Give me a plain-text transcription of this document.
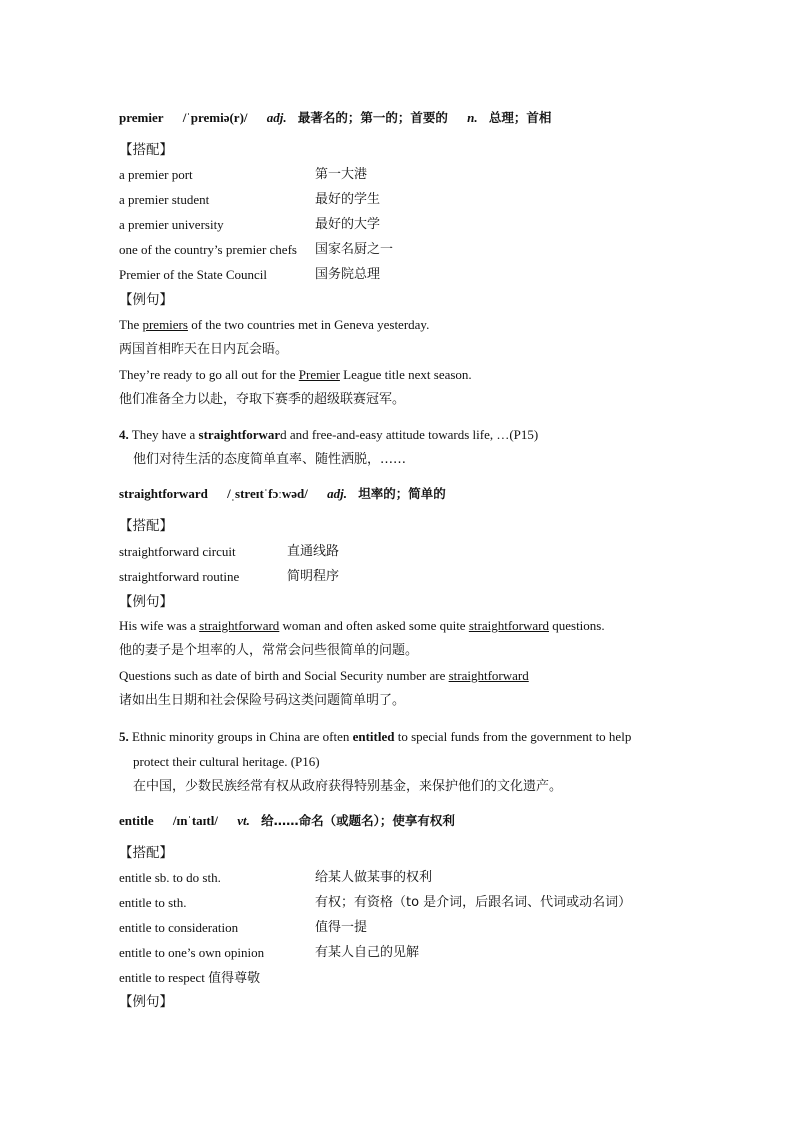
premier /ˈpremiə(r)/ adj. 最著名的；第一的；首要的 n. 总理；首相
【搭配】
a premier port	第一大港
a premier student	最好的学生
a premier university	最好的大学
one of the country’s premier chefs 国家名厨之一
Premier of the State Council	国务院总理
【例句】
The premiers of the two countries met in Geneva yesterday.
两国首相昨天在日内瓦会晤。
They’re ready to go all out for the Premier League title next season.
他们准备全力以赴，夺取下赛季的超级联赛冠军。
4. They have a straightforward and free-and-easy attitude towards life, …(P15)
他们对待生活的态度简单直率、随性洒脱，……
straightforward /ˌstreɪtˈfɔːwəd/ adj. 坦率的；简单的
【搭配】
straightforward circuit	直通线路
straightforward routine	简明程序
【例句】
His wife was a straightforward woman and often asked some quite straightforward questions.
他的妻子是个坦率的人，常常会问些很简单的问题。
Questions such as date of birth and Social Security number are straightforward
诸如出生日期和社会保险号码这类问题简单明了。
5. Ethnic minority groups in China are often entitled to special funds from the government to help
protect their cultural heritage. (P16)
在中国，少数民族经常有权从政府获得特别基金，来保护他们的文化遗产。
entitle /ɪnˈtaɪtl/ vt. 给……命名（或题名）；使享有权利
【搭配】
entitle sb. to do sth.	给某人做某事的权利
entitle to sth.	有权；有资格（to 是介词，后跟名词、代词或动名词）
entitle to consideration	值得一提
entitle to one’s own opinion	有某人自己的见解
entitle to respect 值得尊敬
【例句】
